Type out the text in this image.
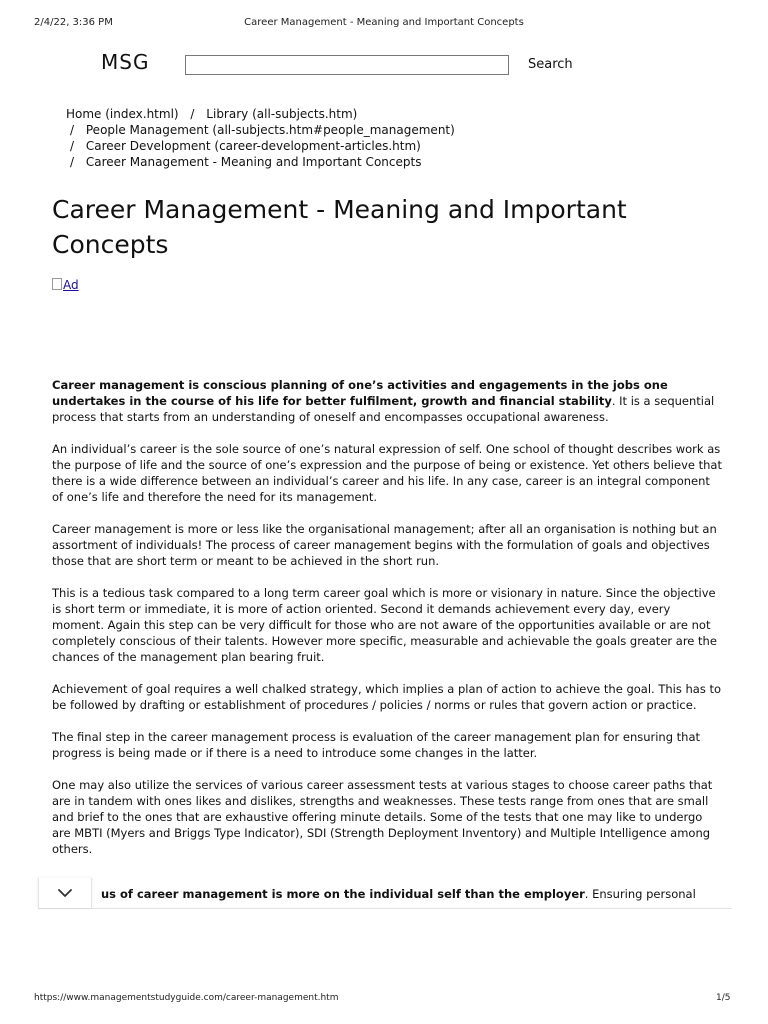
2/4/22, 3:36 PM	Career Management - Meaning and Important Concepts
MSG	Search
Home (index.html) / Library (all-subjects.htm)
/ People Management (all-subjects.htm#people_management)
/ Career Development (career-development-articles.htm)
/ Career Management - Meaning and Important Concepts
Career Management - Meaning and Important Concepts
Ad

Career management is conscious planning of one’s activities and engagements in the jobs one undertakes in the course of his life for better fulfilment, growth and financial stability. It is a sequential process that starts from an understanding of oneself and encompasses occupational awareness.

An individual’s career is the sole source of one’s natural expression of self. One school of thought describes work as the purpose of life and the source of one’s expression and the purpose of being or existence. Yet others believe that there is a wide difference between an individual’s career and his life. In any case, career is an integral component of one’s life and therefore the need for its management.

Career management is more or less like the organisational management; after all an organisation is nothing but an assortment of individuals! The process of career management begins with the formulation of goals and objectives those that are short term or meant to be achieved in the short run.

This is a tedious task compared to a long term career goal which is more or visionary in nature. Since the objective is short term or immediate, it is more of action oriented. Second it demands achievement every day, every moment. Again this step can be very difficult for those who are not aware of the opportunities available or are not completely conscious of their talents. However more specific, measurable and achievable the goals greater are the chances of the management plan bearing fruit.

Achievement of goal requires a well chalked strategy, which implies a plan of action to achieve the goal. This has to be followed by drafting or establishment of procedures / policies / norms or rules that govern action or practice.

The final step in the career management process is evaluation of the career management plan for ensuring that progress is being made or if there is a need to introduce some changes in the latter.

One may also utilize the services of various career assessment tests at various stages to choose career paths that are in tandem with ones likes and dislikes, strengths and weaknesses. These tests range from ones that are small and brief to the ones that are exhaustive offering minute details. Some of the tests that one may like to undergo are MBTI (Myers and Briggs Type Indicator), SDI (Strength Deployment Inventory) and Multiple Intelligence among others.

us of career management is more on the individual self than the employer. Ensuring personal
https://www.managementstudyguide.com/career-management.htm	1/5
